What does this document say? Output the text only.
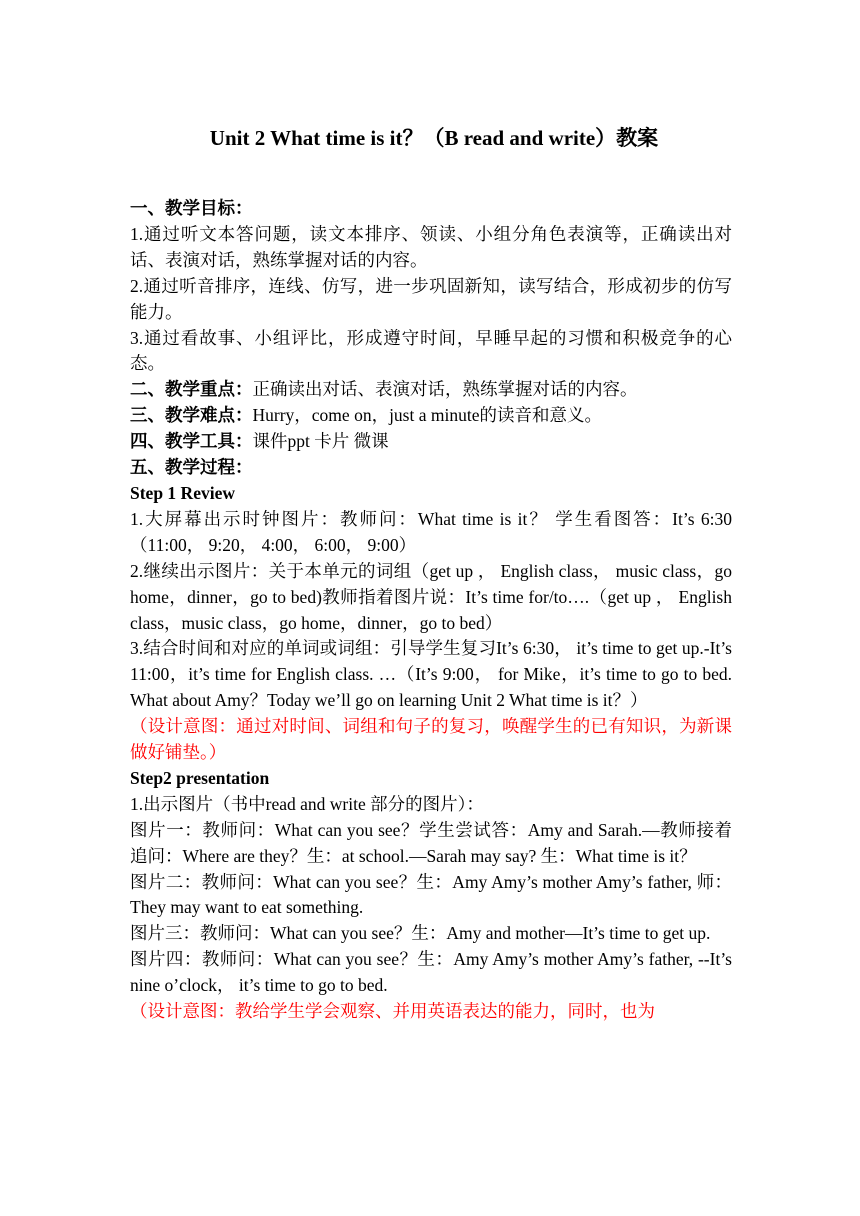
Unit 2 What time is it？（B read and write）教案

一、教学目标：

1.通过听文本答问题，读文本排序、领读、小组分角色表演等，正确读出对话、表演对话，熟练掌握对话的内容。

2.通过听音排序，连线、仿写，进一步巩固新知，读写结合，形成初步的仿写能力。

3.通过看故事、小组评比，形成遵守时间，早睡早起的习惯和积极竞争的心态。

二、教学重点：正确读出对话、表演对话，熟练掌握对话的内容。

三、教学难点：Hurry，come on，just a minute的读音和意义。

四、教学工具：课件ppt 卡片 微课

五、教学过程：

Step 1 Review

1.大屏幕出示时钟图片：教师问：What time is it？ 学生看图答：It’s 6:30（11:00， 9:20， 4:00， 6:00， 9:00）

2.继续出示图片：关于本单元的词组（get up ， English class， music class，go home，dinner，go to bed)教师指着图片说：It’s time for/to….（get up ， English class，music class，go home，dinner，go to bed）

3.结合时间和对应的单词或词组：引导学生复习It’s 6:30， it’s time to get up.-It’s 11:00，it’s time for English class. …（It’s 9:00， for Mike，it’s time to go to bed. What about Amy？Today we’ll go on learning Unit 2 What time is it？）

（设计意图：通过对时间、词组和句子的复习，唤醒学生的已有知识，为新课做好铺垫。）

Step2 presentation

1.出示图片（书中read and write 部分的图片）：

图片一：教师问：What can you see？学生尝试答：Amy and Sarah.—教师接着追问：Where are they？生：at school.—Sarah may say? 生：What time is it？

图片二：教师问：What can you see？生：Amy Amy’s mother Amy’s father, 师：They may want to eat something.

图片三：教师问：What can you see？生：Amy and mother—It’s time to get up.

图片四：教师问：What can you see？生：Amy Amy’s mother Amy’s father, --It’s nine o’clock， it’s time to go to bed.

（设计意图：教给学生学会观察、并用英语表达的能力，同时，也为
